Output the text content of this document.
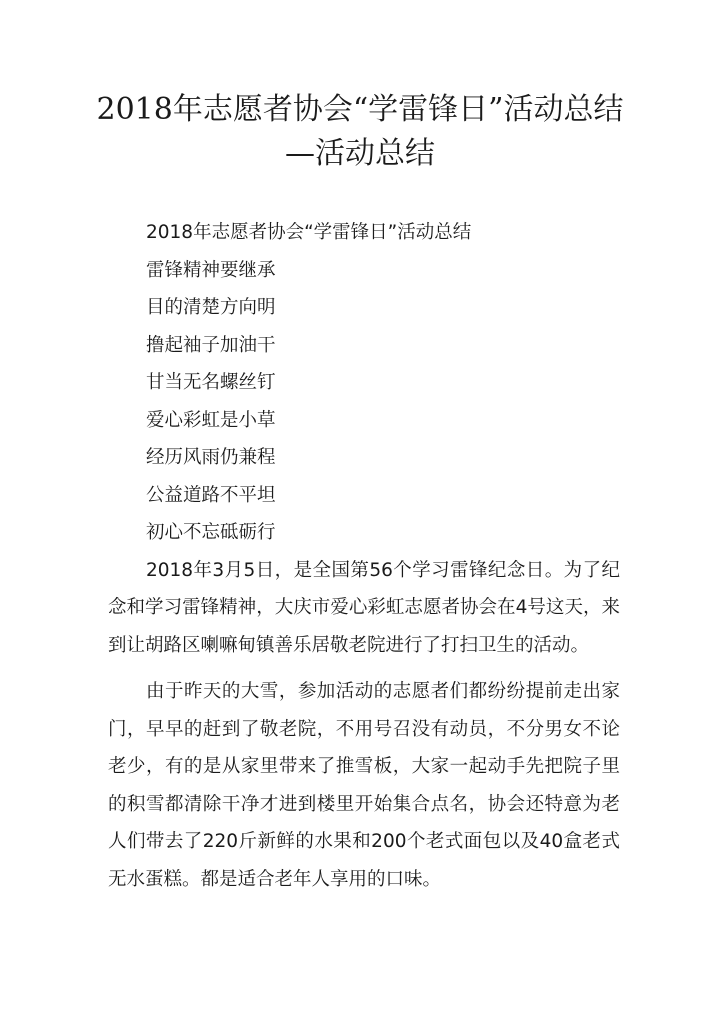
2018年志愿者协会“学雷锋日”活动总结—活动总结

2018年志愿者协会“学雷锋日”活动总结

雷锋精神要继承

目的清楚方向明

撸起袖子加油干

甘当无名螺丝钉

爱心彩虹是小草

经历风雨仍兼程

公益道路不平坦

初心不忘砥砺行

2018年3月5日，是全国第56个学习雷锋纪念日。为了纪念和学习雷锋精神，大庆市爱心彩虹志愿者协会在4号这天，来到让胡路区喇嘛甸镇善乐居敬老院进行了打扫卫生的活动。

由于昨天的大雪，参加活动的志愿者们都纷纷提前走出家门，早早的赶到了敬老院，不用号召没有动员，不分男女不论老少，有的是从家里带来了推雪板，大家一起动手先把院子里的积雪都清除干净才进到楼里开始集合点名，协会还特意为老人们带去了220斤新鲜的水果和200个老式面包以及40盒老式无水蛋糕。都是适合老年人享用的口味。
